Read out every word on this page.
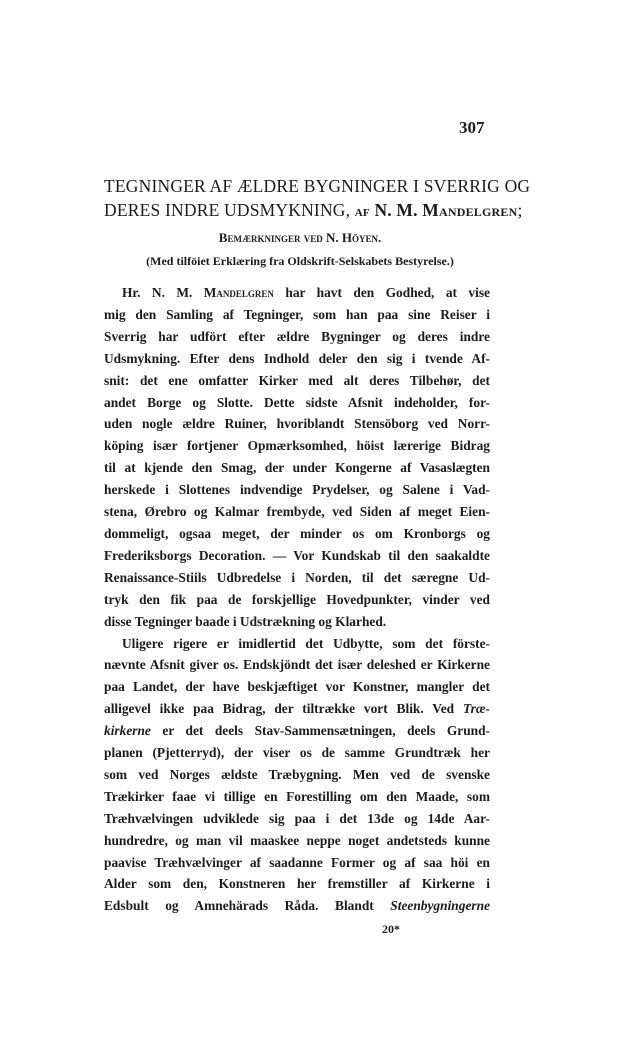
307
TEGNINGER AF ÆLDRE BYGNINGER I SVERRIG OG
DERES INDRE UDSMYKNING, af N. M. Mandelgren;
Bemærkninger ved N. Höyen.
(Med tilföiet Erklæring fra Oldskrift-Selskabets Bestyrelse.)
Hr. N. M. Mandelgren har havt den Godhed, at vise
mig den Samling af Tegninger, som han paa sine Reiser i
Sverrig har udfört efter ældre Bygninger og deres indre
Udsmykning. Efter dens Indhold deler den sig i tvende Af-
snit: det ene omfatter Kirker med alt deres Tilbehør, det
andet Borge og Slotte. Dette sidste Afsnit indeholder, for-
uden nogle ældre Ruiner, hvoriblandt Stensöborg ved Norr-
köping især fortjener Opmærksomhed, höist lærerige Bidrag
til at kjende den Smag, der under Kongerne af Vasaslægten
herskede i Slottenes indvendige Prydelser, og Salene i Vad-
stena, Ørebro og Kalmar frembyde, ved Siden af meget Eien-
dommeligt, ogsaa meget, der minder os om Kronborgs og
Frederiksborgs Decoration. — Vor Kundskab til den saakaldte
Renaissance-Stiils Udbredelse i Norden, til det særegne Ud-
tryk den fik paa de forskjellige Hovedpunkter, vinder ved
disse Tegninger baade i Udstrækning og Klarhed.
Uligere rigere er imidlertid det Udbytte, som det förste-
nævnte Afsnit giver os. Endskjöndt det især deleshed er Kirkerne
paa Landet, der have beskjæftiget vor Konstner, mangler det
alligevel ikke paa Bidrag, der tiltrække vort Blik. Ved Træ-
kirkerne er det deels Stav-Sammensætningen, deels Grund-
planen (Pjetterryd), der viser os de samme Grundtræk her
som ved Norges ældste Træbygning. Men ved de svenske
Trækirker faae vi tillige en Forestilling om den Maade, som
Træhvælvingen udviklede sig paa i det 13de og 14de Aar-
hundredre, og man vil maaskee neppe noget andetsteds kunne
paavise Træhvælvinger af saadanne Former og af saa höi en
Alder som den, Konstneren her fremstiller af Kirkerne i
Edsbult og Amnehärads Råda. Blandt Steenbygningerne
20*
